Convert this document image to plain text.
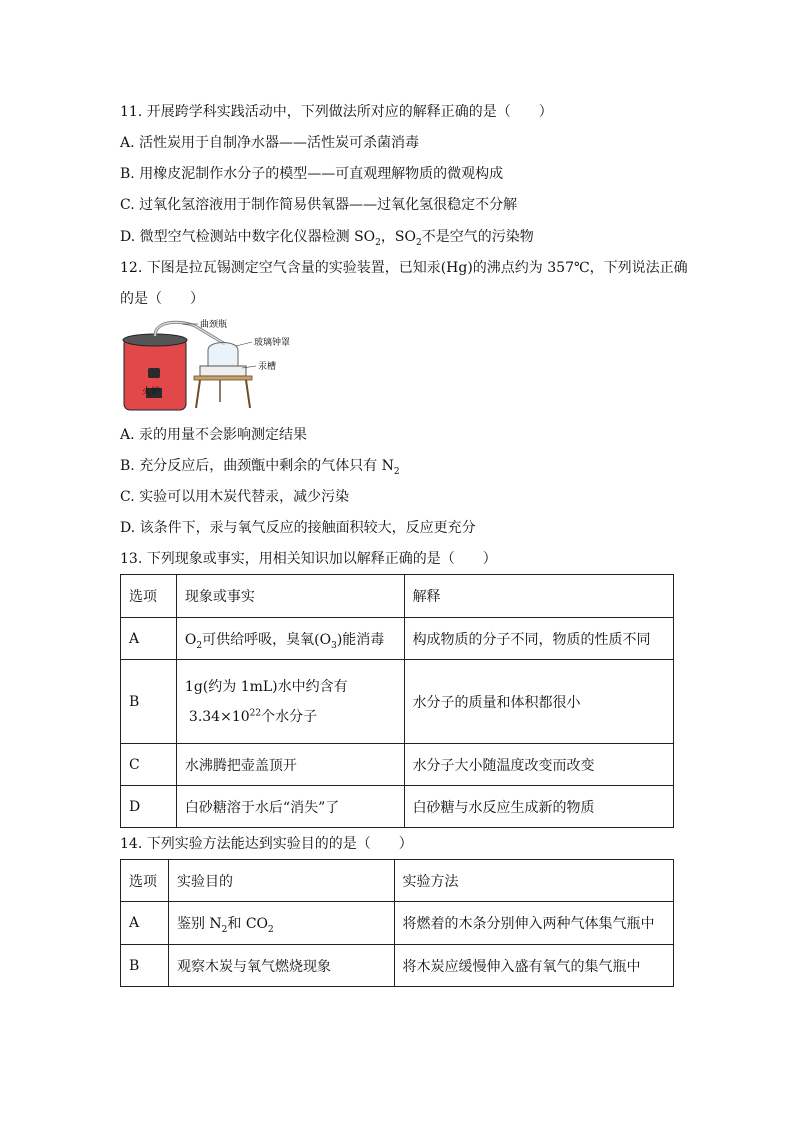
11. 开展跨学科实践活动中，下列做法所对应的解释正确的是（　　）
A. 活性炭用于自制净水器——活性炭可杀菌消毒
B. 用橡皮泥制作水分子的模型——可直观理解物质的微观构成
C. 过氧化氢溶液用于制作简易供氧器——过氧化氢很稳定不分解
D. 微型空气检测站中数字化仪器检测 $SO_2$，$SO_2$不是空气的污染物
12. 下图是拉瓦锡测定空气含量的实验装置，已知汞(Hg)的沸点约为 357℃，下列说法正确
的是（　　）
火炉
曲颈瓶
玻璃钟罩
汞槽
A. 汞的用量不会影响测定结果
B. 充分反应后，曲颈甑中剩余的气体只有 $N_2$
C. 实验可以用木炭代替汞，减少污染
D. 该条件下，汞与氧气反应的接触面积较大，反应更充分
13. 下列现象或事实，用相关知识加以解释正确的是（　　）
选项	现象或事实	解释
A	$O_2$可供给呼吸，臭氧$(O_3)$能消毒	构成物质的分子不同，物质的性质不同
B	1g(约为 1mL)水中约含有
$3.34\times 10^{22}$个水分子	水分子的质量和体积都很小
C	水沸腾把壶盖顶开	水分子大小随温度改变而改变
D	白砂糖溶于水后“消失”了	白砂糖与水反应生成新的物质
14. 下列实验方法能达到实验目的的是（　　）
选项	实验目的	实验方法
A	鉴别 $N_2$和 $CO_2$	将燃着的木条分别伸入两种气体集气瓶中
B	观察木炭与氧气燃烧现象	将木炭应缓慢伸入盛有氧气的集气瓶中
